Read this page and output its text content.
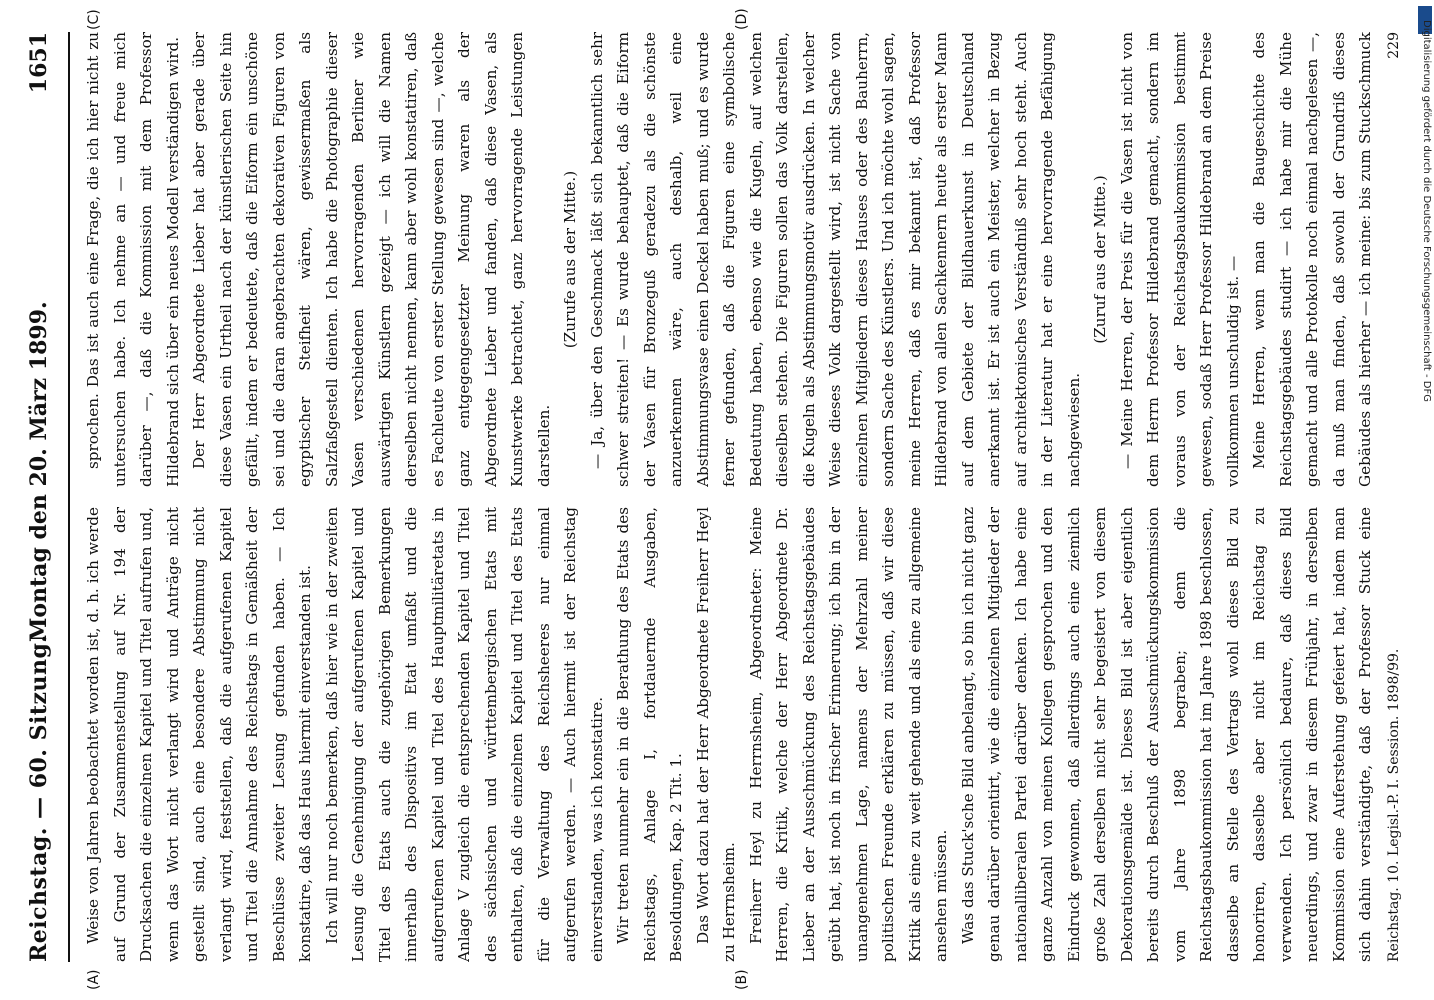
Reichstag. — 60. Sitzung.
Montag den 20. März 1899.
1651
(A)	(B)
(C)	(D)

Weise von Jahren beobachtet worden ist, d. h. ich werde auf Grund der Zusammenstellung auf Nr. 194 der Drucksachen die einzelnen Kapitel und Titel aufrufen und, wenn das Wort nicht verlangt wird und Anträge nicht gestellt sind, auch eine besondere Abstimmung nicht verlangt wird, feststellen, daß die aufgerufenen Kapitel und Titel die Annahme des Reichstags in Gemäßheit der Beschlüsse zweiter Lesung gefunden haben. — Ich konstatire, daß das Haus hiermit einverstanden ist. Ich will nur noch bemerken, daß hier wie in der zweiten Lesung die Genehmigung der aufgerufenen Kapitel und Titel des Etats auch die zugehörigen Bemerkungen innerhalb des Dispositivs im Etat umfaßt und die aufgerufenen Kapitel und Titel des Hauptmilitäretats in Anlage V zugleich die entsprechenden Kapitel und Titel des sächsischen und württembergischen Etats mit enthalten, daß die einzelnen Kapitel und Titel des Etats für die Verwaltung des Reichsheeres nur einmal aufgerufen werden. — Auch hiermit ist der Reichstag einverstanden, was ich konstatire. Wir treten nunmehr ein in die Berathung des Etats des Reichstags, Anlage I, fortdauernde Ausgaben, Besoldungen, Kap. 2 Tit. 1. Das Wort dazu hat der Herr Abgeordnete Freiherr Heyl zu Herrnsheim. Freiherr Heyl zu Herrnsheim, Abgeordneter: Meine Herren, die Kritik, welche der Herr Abgeordnete Dr. Lieber an der Ausschmückung des Reichstagsgebäudes geübt hat, ist noch in frischer Erinnerung; ich bin in der unangenehmen Lage, namens der Mehrzahl meiner politischen Freunde erklären zu müssen, daß wir diese Kritik als eine zu weit gehende und als eine zu allgemeine ansehen müssen. Was das Stuck'sche Bild anbelangt, so bin ich nicht ganz genau darüber orientirt, wie die einzelnen Mitglieder der nationalliberalen Partei darüber denken. Ich habe eine ganze Anzahl von meinen Kollegen gesprochen und den Eindruck gewonnen, daß allerdings auch eine ziemlich große Zahl derselben nicht sehr begeistert von diesem Dekorationsgemälde ist. Dieses Bild ist aber eigentlich bereits durch Beschluß der Ausschmückungskommission vom Jahre 1898 begraben; denn die Reichstagsbaukommission hat im Jahre 1898 beschlossen, dasselbe an Stelle des Vertrags wohl dieses Bild zu honoriren, dasselbe aber nicht im Reichstag zu verwenden. Ich persönlich bedaure, daß dieses Bild neuerdings, und zwar in diesem Frühjahr, in derselben Kommission eine Auferstehung gefeiert hat, indem man sich dahin verständigte, daß der Professor Stuck eine

sprochen. Das ist auch eine Frage, die ich hier nicht zu untersuchen habe. Ich nehme an — und freue mich darüber —, daß die Kommission mit dem Professor Hildebrand sich über ein neues Modell verständigen wird. Der Herr Abgeordnete Lieber hat aber gerade über diese Vasen ein Urtheil nach der künstlerischen Seite hin gefällt, indem er bedeutete, daß die Eiform ein unschöne sei und die daran angebrachten dekorativen Figuren von egyptischer Steifheit wären, gewissermaßen als Salzfaßgestell dienten. Ich habe die Photographie dieser Vasen verschiedenen hervorragenden Berliner wie auswärtigen Künstlern gezeigt — ich will die Namen derselben nicht nennen, kann aber wohl konstatiren, daß es Fachleute von erster Stellung gewesen sind —, welche ganz entgegengesetzter Meinung waren als der Abgeordnete Lieber und fanden, daß diese Vasen, als Kunstwerke betrachtet, ganz hervorragende Leistungen darstellen.

(Zurufe aus der Mitte.) — Ja, über den Geschmack läßt sich bekanntlich sehr schwer streiten! — Es wurde behauptet, daß die Eiform der Vasen für Bronzeguß geradezu als die schönste anzuerkennen wäre, auch deshalb, weil eine Abstimmungsvase einen Deckel haben muß; und es wurde ferner gefunden, daß die Figuren eine symbolische Bedeutung haben, ebenso wie die Kugeln, auf welchen dieselben stehen. Die Figuren sollen das Volk darstellen, die Kugeln als Abstimmungsmotiv ausdrücken. In welcher Weise dieses Volk dargestellt wird, ist nicht Sache von einzelnen Mitgliedern dieses Hauses oder des Bauherrn, sondern Sache des Künstlers. Und ich möchte wohl sagen, meine Herren, daß es mir bekannt ist, daß Professor Hildebrand von allen Sachkennern heute als erster Mann auf dem Gebiete der Bildhauerkunst in Deutschland anerkannt ist. Er ist auch ein Meister, welcher in Bezug auf architektonisches Verständniß sehr hoch steht. Auch in der Literatur hat er eine hervorragende Befähigung nachgewiesen.

(Zuruf aus der Mitte.) — Meine Herren, der Preis für die Vasen ist nicht von dem Herrn Professor Hildebrand gemacht, sondern im voraus von der Reichstagsbaukommission bestimmt gewesen, sodaß Herr Professor Hildebrand an dem Preise vollkommen unschuldig ist. — Meine Herren, wenn man die Baugeschichte des Reichstagsgebäudes studirt — ich habe mir die Mühe gemacht und alle Protokolle noch einmal nachgelesen —, da muß man finden, daß sowohl der Grundriß dieses Gebäudes als hierher — ich meine: bis zum Stuckschmuck

Reichstag. 10. Legisl.-P. I. Session. 1898/99.
229	Digitalisierung gefördert durch die Deutsche Forschungsgemeinschaft - DFG
